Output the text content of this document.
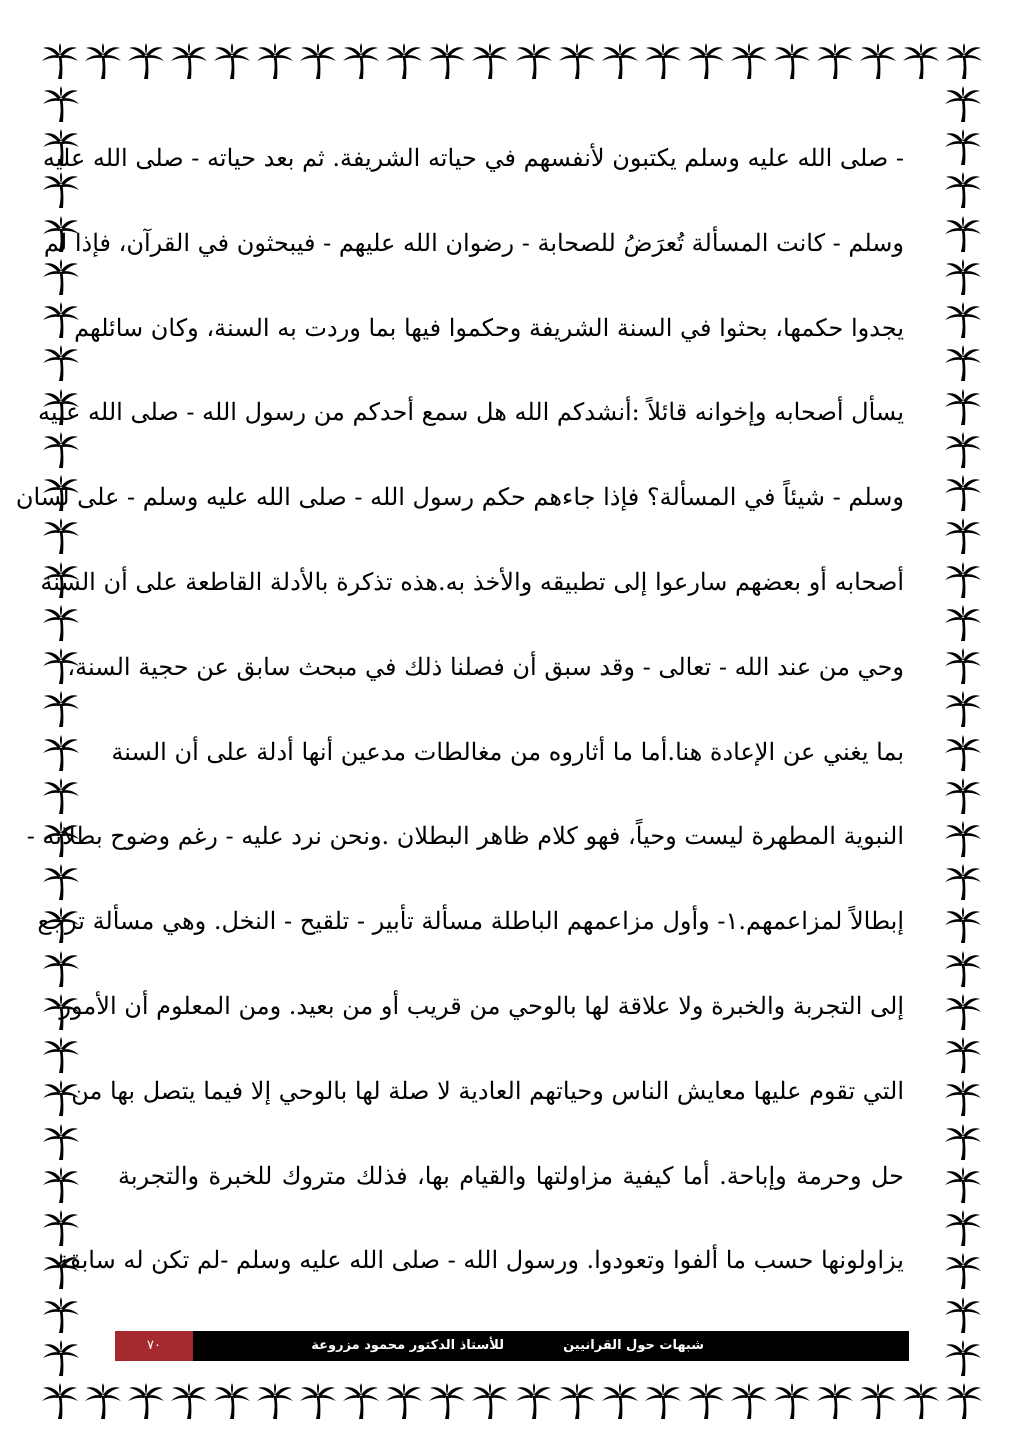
- صلى الله عليه وسلم يكتبون لأنفسهم في حياته الشريفة. ثم بعد حياته - صلى الله عليه
وسلم - كانت المسألة تُعرَضُ للصحابة - رضوان الله عليهم - فيبحثون في القرآن، فإذا لم
يجدوا حكمها، بحثوا في السنة الشريفة وحكموا فيها بما وردت به السنة، وكان سائلهم
يسأل أصحابه وإخوانه قائلاً :أنشدكم الله هل سمع أحدكم من رسول الله - صلى الله عليه
وسلم - شيئاً في المسألة؟ فإذا جاءهم حكم رسول الله - صلى الله عليه وسلم - على لسان
أصحابه أو بعضهم سارعوا إلى تطبيقه والأخذ به.هذه تذكرة بالأدلة القاطعة على أن السنة
وحي من عند الله - تعالى - وقد سبق أن فصلنا ذلك في مبحث سابق عن حجية السنة،
بما يغني عن الإعادة هنا.أما ما أثاروه من مغالطات مدعين أنها أدلة على أن السنة
النبوية المطهرة ليست وحياً، فهو كلام ظاهر البطلان .ونحن نرد عليه - رغم وضوح بطلانه -
إبطالاً لمزاعمهم.١- وأول مزاعمهم الباطلة مسألة تأبير - تلقيح - النخل. وهي مسألة ترجع
إلى التجربة والخبرة ولا علاقة لها بالوحي من قريب أو من بعيد. ومن المعلوم أن الأمور
التي تقوم عليها معايش الناس وحياتهم العادية لا صلة لها بالوحي إلا فيما يتصل بها من
حل وحرمة وإباحة. أما كيفية مزاولتها والقيام بها، فذلك متروك للخبرة والتجربة
يزاولونها حسب ما ألفوا وتعودوا. ورسول الله - صلى الله عليه وسلم -لم تكن له سابقة
شبهات حول القرانيين
للأستاذ الدكتور محمود مزروعة
٧٠
